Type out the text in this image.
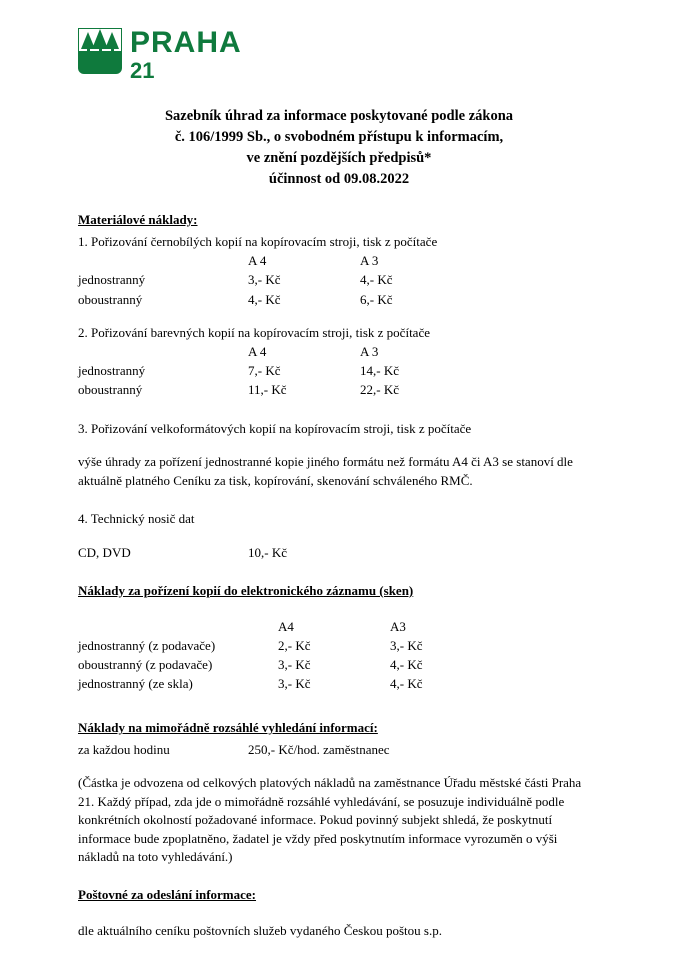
PRAHA
21
Sazebník úhrad za informace poskytované podle zákona
č. 106/1999 Sb., o svobodném přístupu k informacím,
ve znění pozdějších předpisů*
účinnost od 09.08.2022
Materiálové náklady:

1. Pořizování černobílých kopií na kopírovacím stroji, tisk z počítače

	A 4	A 3
jednostranný	3,- Kč	4,- Kč
oboustranný	4,- Kč	6,- Kč

2. Pořizování barevných kopií na kopírovacím stroji, tisk z počítače

	A 4	A 3
jednostranný	7,- Kč	14,- Kč
oboustranný	11,- Kč	22,- Kč

3. Pořizování velkoformátových kopií na kopírovacím stroji, tisk z počítače

výše úhrady za pořízení jednostranné kopie jiného formátu než formátu A4 či A3 se stanoví dle aktuálně platného Ceníku za tisk, kopírování, skenování schváleného RMČ.

4. Technický nosič dat

CD, DVD	10,- Kč
Náklady za pořízení kopií do elektronického záznamu (sken)
	A4	A3
jednostranný (z podavače)	2,- Kč	3,- Kč
oboustranný (z podavače)	3,- Kč	4,- Kč
jednostranný (ze skla)	3,- Kč	4,- Kč
Náklady na mimořádně rozsáhlé vyhledání informací:
za každou hodinu	250,- Kč/hod. zaměstnanec

(Částka je odvozena od celkových platových nákladů na zaměstnance Úřadu městské části Praha 21. Každý případ, zda jde o mimořádně rozsáhlé vyhledávání, se posuzuje individuálně podle konkrétních okolností požadované informace. Pokud povinný subjekt shledá, že poskytnutí informace bude zpoplatněno, žadatel je vždy před poskytnutím informace vyrozuměn o výši nákladů na toto vyhledávání.)

Poštovné za odeslání informace:

dle aktuálního ceníku poštovních služeb vydaného Českou poštou s.p.
